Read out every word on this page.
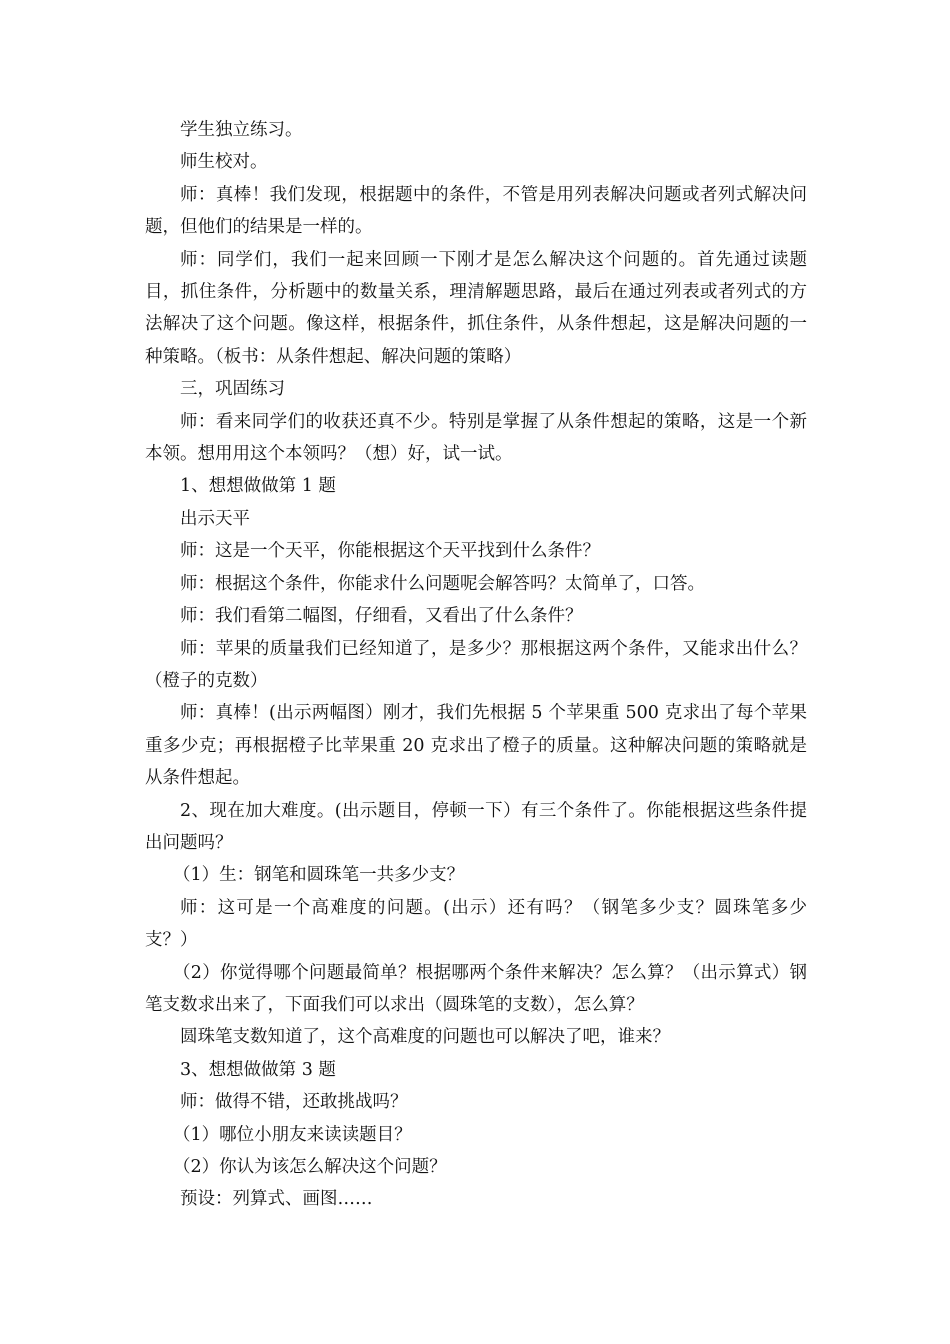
学生独立练习。

师生校对。

师：真棒！我们发现，根据题中的条件，不管是用列表解决问题或者列式解决问题，但他们的结果是一样的。

师：同学们，我们一起来回顾一下刚才是怎么解决这个问题的。首先通过读题目，抓住条件，分析题中的数量关系，理清解题思路，最后在通过列表或者列式的方法解决了这个问题。像这样，根据条件，抓住条件，从条件想起，这是解决问题的一种策略。（板书：从条件想起、解决问题的策略）

三，巩固练习

师：看来同学们的收获还真不少。特别是掌握了从条件想起的策略，这是一个新本领。想用用这个本领吗？（想）好，试一试。

1、想想做做第 1 题

出示天平

师：这是一个天平，你能根据这个天平找到什么条件？

师：根据这个条件，你能求什么问题呢会解答吗？太简单了，口答。

师：我们看第二幅图，仔细看，又看出了什么条件？

师：苹果的质量我们已经知道了，是多少？那根据这两个条件，又能求出什么？（橙子的克数）

师：真棒！(出示两幅图）刚才，我们先根据 5 个苹果重 500 克求出了每个苹果重多少克；再根据橙子比苹果重 20 克求出了橙子的质量。这种解决问题的策略就是从条件想起。

2、现在加大难度。(出示题目，停顿一下）有三个条件了。你能根据这些条件提出问题吗？

（1）生：钢笔和圆珠笔一共多少支？

师：这可是一个高难度的问题。(出示）还有吗？（钢笔多少支？圆珠笔多少支？）

（2）你觉得哪个问题最简单？根据哪两个条件来解决？怎么算？（出示算式）钢笔支数求出来了，下面我们可以求出（圆珠笔的支数），怎么算？

圆珠笔支数知道了，这个高难度的问题也可以解决了吧，谁来？

3、想想做做第 3 题

师：做得不错，还敢挑战吗？

（1）哪位小朋友来读读题目？

（2）你认为该怎么解决这个问题？

预设：列算式、画图……
